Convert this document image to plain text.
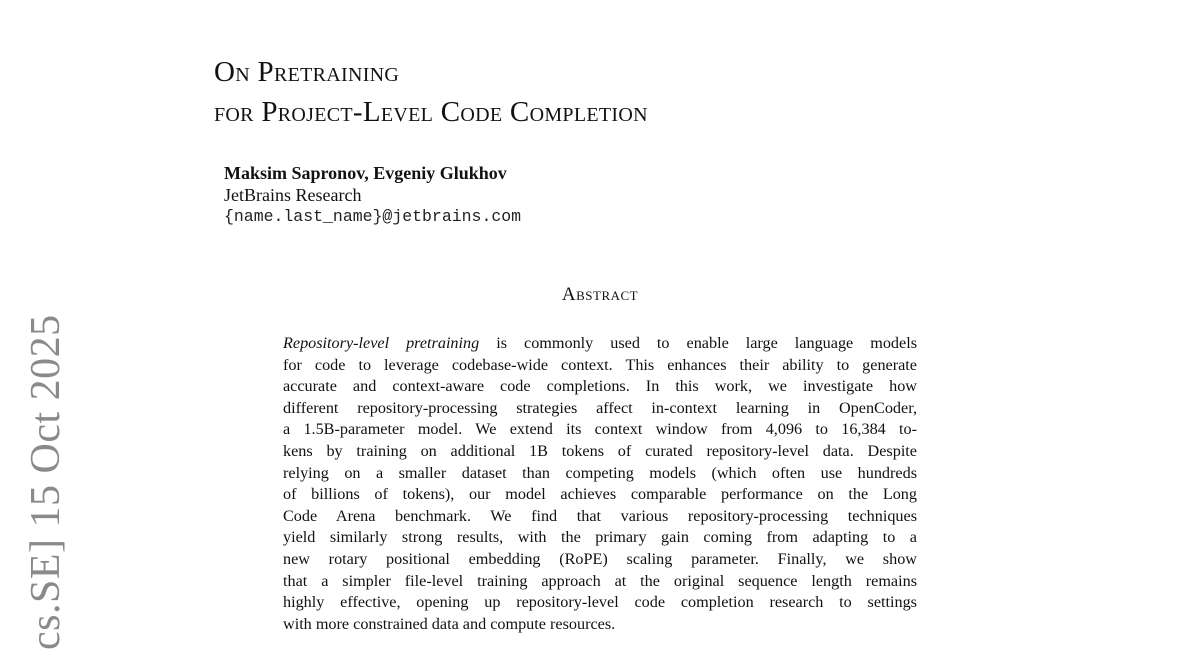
On Pretraining
for Project-Level Code Completion
Maksim Sapronov, Evgeniy Glukhov
JetBrains Research
{name.last_name}@jetbrains.com
Abstract
Repository-level pretraining is commonly used to enable large language models
for code to leverage codebase-wide context. This enhances their ability to generate
accurate and context-aware code completions. In this work, we investigate how
different repository-processing strategies affect in-context learning in OpenCoder,
a 1.5B-parameter model. We extend its context window from 4,096 to 16,384 to-
kens by training on additional 1B tokens of curated repository-level data. Despite
relying on a smaller dataset than competing models (which often use hundreds
of billions of tokens), our model achieves comparable performance on the Long
Code Arena benchmark. We find that various repository-processing techniques
yield similarly strong results, with the primary gain coming from adapting to a
new rotary positional embedding (RoPE) scaling parameter. Finally, we show
that a simpler file-level training approach at the original sequence length remains
highly effective, opening up repository-level code completion research to settings
with more constrained data and compute resources.
cs.SE] 15 Oct 2025
